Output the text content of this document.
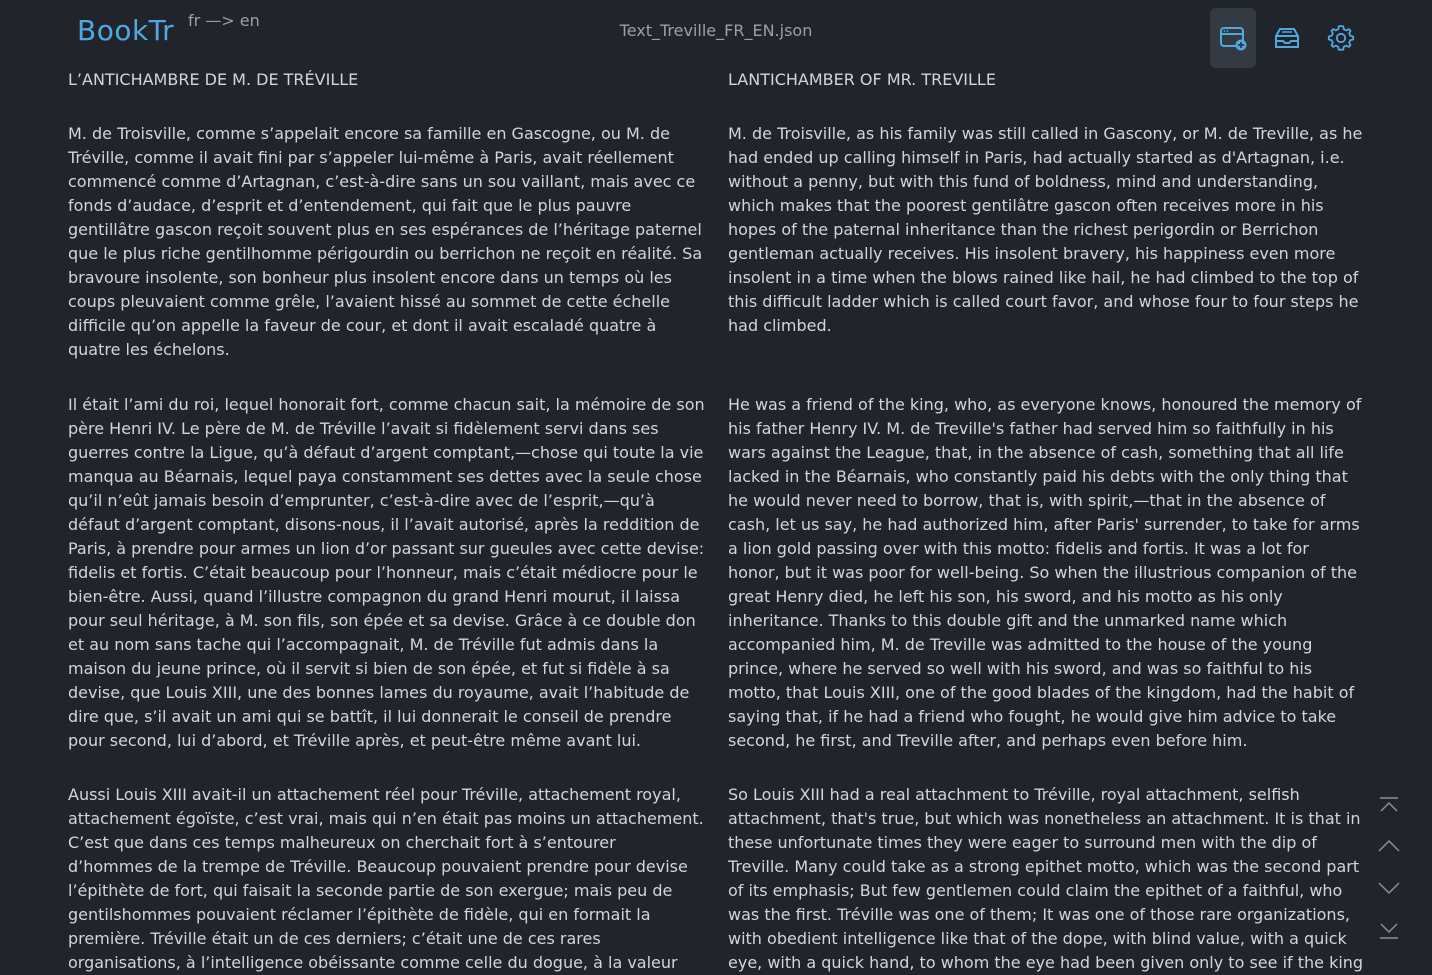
BookTr fr —> en
Text_Treville_FR_EN.json

L’ANTICHAMBRE DE M. DE TRÉVILLE

M. de Troisville, comme s’appelait encore sa famille en Gascogne, ou M. de Tréville, comme il avait fini par s’appeler lui-même à Paris, avait réellement commencé comme d’Artagnan, c’est-à-dire sans un sou vaillant, mais avec ce fonds d’audace, d’esprit et d’entendement, qui fait que le plus pauvre gentillâtre gascon reçoit souvent plus en ses espérances de l’héritage paternel que le plus riche gentilhomme périgourdin ou berrichon ne reçoit en réalité. Sa bravoure insolente, son bonheur plus insolent encore dans un temps où les coups pleuvaient comme grêle, l’avaient hissé au sommet de cette échelle difficile qu’on appelle la faveur de cour, et dont il avait escaladé quatre à quatre les échelons.

Il était l’ami du roi, lequel honorait fort, comme chacun sait, la mémoire de son père Henri IV. Le père de M. de Tréville l’avait si fidèlement servi dans ses guerres contre la Ligue, qu’à défaut d’argent comptant,—chose qui toute la vie manqua au Béarnais, lequel paya constamment ses dettes avec la seule chose qu’il n’eût jamais besoin d’emprunter, c’est-à-dire avec de l’esprit,—qu’à défaut d’argent comptant, disons-nous, il l’avait autorisé, après la reddition de Paris, à prendre pour armes un lion d’or passant sur gueules avec cette devise: fidelis et fortis. C’était beaucoup pour l’honneur, mais c’était médiocre pour le bien-être. Aussi, quand l’illustre compagnon du grand Henri mourut, il laissa pour seul héritage, à M. son fils, son épée et sa devise. Grâce à ce double don et au nom sans tache qui l’accompagnait, M. de Tréville fut admis dans la maison du jeune prince, où il servit si bien de son épée, et fut si fidèle à sa devise, que Louis XIII, une des bonnes lames du royaume, avait l’habitude de dire que, s’il avait un ami qui se battît, il lui donnerait le conseil de prendre pour second, lui d’abord, et Tréville après, et peut-être même avant lui.

Aussi Louis XIII avait-il un attachement réel pour Tréville, attachement royal, attachement égoïste, c’est vrai, mais qui n’en était pas moins un attachement. C’est que dans ces temps malheureux on cherchait fort à s’entourer d’hommes de la trempe de Tréville. Beaucoup pouvaient prendre pour devise l’épithète de fort, qui faisait la seconde partie de son exergue; mais peu de gentilshommes pouvaient réclamer l’épithète de fidèle, qui en formait la première. Tréville était un de ces derniers; c’était une de ces rares organisations, à l’intelligence obéissante comme celle du dogue, à la valeur

LANTICHAMBER OF MR. TREVILLE

M. de Troisville, as his family was still called in Gascony, or M. de Treville, as he had ended up calling himself in Paris, had actually started as d'Artagnan, i.e. without a penny, but with this fund of boldness, mind and understanding, which makes that the poorest gentilâtre gascon often receives more in his hopes of the paternal inheritance than the richest perigordin or Berrichon gentleman actually receives. His insolent bravery, his happiness even more insolent in a time when the blows rained like hail, he had climbed to the top of this difficult ladder which is called court favor, and whose four to four steps he had climbed.

He was a friend of the king, who, as everyone knows, honoured the memory of his father Henry IV. M. de Treville's father had served him so faithfully in his wars against the League, that, in the absence of cash, something that all life lacked in the Béarnais, who constantly paid his debts with the only thing that he would never need to borrow, that is, with spirit,—that in the absence of cash, let us say, he had authorized him, after Paris' surrender, to take for arms a lion gold passing over with this motto: fidelis and fortis. It was a lot for honor, but it was poor for well-being. So when the illustrious companion of the great Henry died, he left his son, his sword, and his motto as his only inheritance. Thanks to this double gift and the unmarked name which accompanied him, M. de Treville was admitted to the house of the young prince, where he served so well with his sword, and was so faithful to his motto, that Louis XIII, one of the good blades of the kingdom, had the habit of saying that, if he had a friend who fought, he would give him advice to take second, he first, and Treville after, and perhaps even before him.

So Louis XIII had a real attachment to Tréville, royal attachment, selfish attachment, that's true, but which was nonetheless an attachment. It is that in these unfortunate times they were eager to surround men with the dip of Treville. Many could take as a strong epithet motto, which was the second part of its emphasis; But few gentlemen could claim the epithet of a faithful, who was the first. Tréville was one of them; It was one of those rare organizations, with obedient intelligence like that of the dope, with blind value, with a quick eye, with a quick hand, to whom the eye had been given only to see if the king
